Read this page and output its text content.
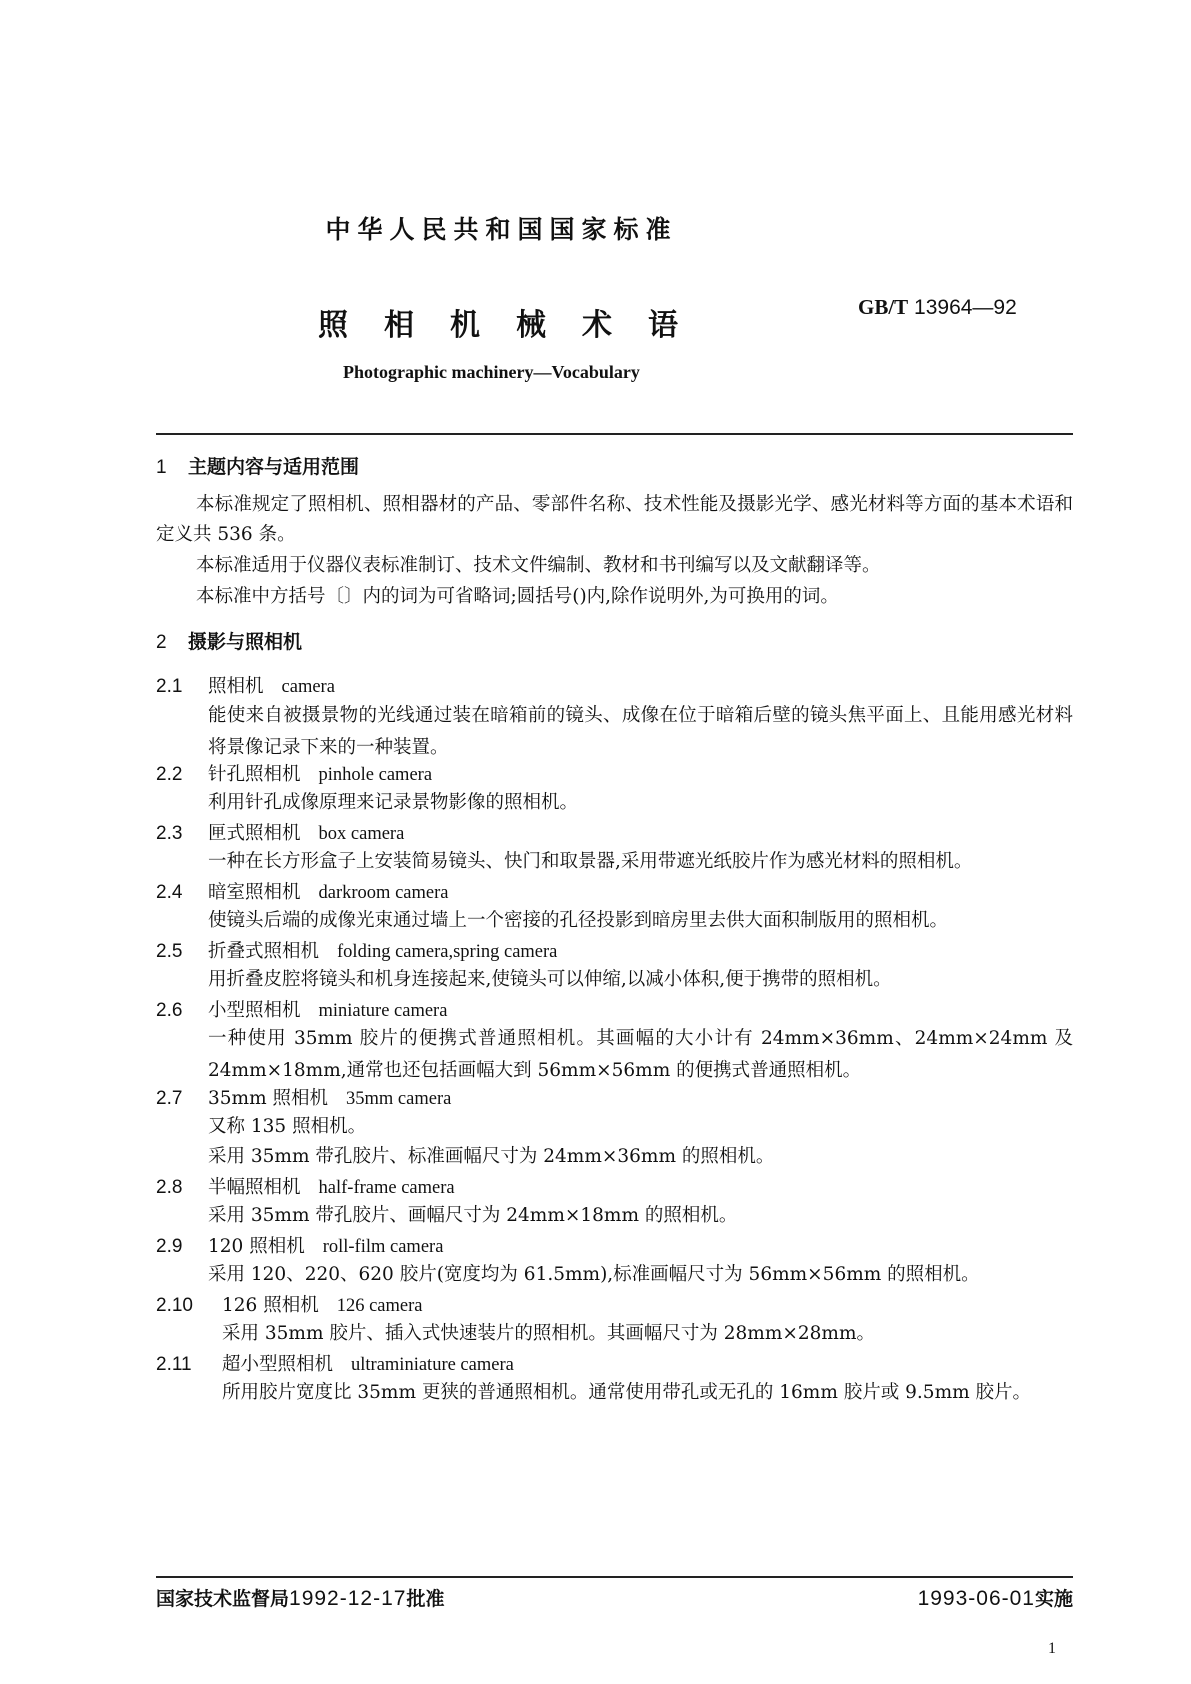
中华人民共和国国家标准
照相机械术语
GB/T 13964—92
Photographic machinery—Vocabulary
1 主题内容与适用范围
本标准规定了照相机、照相器材的产品、零部件名称、技术性能及摄影光学、感光材料等方面的基本术语和定义共 536 条。
本标准适用于仪器仪表标准制订、技术文件编制、教材和书刊编写以及文献翻译等。
本标准中方括号〔〕内的词为可省略词;圆括号()内,除作说明外,为可换用的词。
2 摄影与照相机
2.1 照相机 camera
能使来自被摄景物的光线通过装在暗箱前的镜头、成像在位于暗箱后壁的镜头焦平面上、且能用感光材料将景像记录下来的一种装置。
2.2 针孔照相机 pinhole camera
利用针孔成像原理来记录景物影像的照相机。
2.3 匣式照相机 box camera
一种在长方形盒子上安装简易镜头、快门和取景器,采用带遮光纸胶片作为感光材料的照相机。
2.4 暗室照相机 darkroom camera
使镜头后端的成像光束通过墙上一个密接的孔径投影到暗房里去供大面积制版用的照相机。
2.5 折叠式照相机 folding camera,spring camera
用折叠皮腔将镜头和机身连接起来,使镜头可以伸缩,以减小体积,便于携带的照相机。
2.6 小型照相机 miniature camera
一种使用 35mm 胶片的便携式普通照相机。其画幅的大小计有 24mm×36mm、24mm×24mm 及 24mm×18mm,通常也还包括画幅大到 56mm×56mm 的便携式普通照相机。
2.7 35mm 照相机 35mm camera
又称 135 照相机。
采用 35mm 带孔胶片、标准画幅尺寸为 24mm×36mm 的照相机。
2.8 半幅照相机 half-frame camera
采用 35mm 带孔胶片、画幅尺寸为 24mm×18mm 的照相机。
2.9 120 照相机 roll-film camera
采用 120、220、620 胶片(宽度均为 61.5mm),标准画幅尺寸为 56mm×56mm 的照相机。
2.10 126 照相机 126 camera
采用 35mm 胶片、插入式快速装片的照相机。其画幅尺寸为 28mm×28mm。
2.11 超小型照相机 ultraminiature camera
所用胶片宽度比 35mm 更狭的普通照相机。通常使用带孔或无孔的 16mm 胶片或 9.5mm 胶片。
国家技术监督局1992-12-17批准	1993-06-01实施
1
